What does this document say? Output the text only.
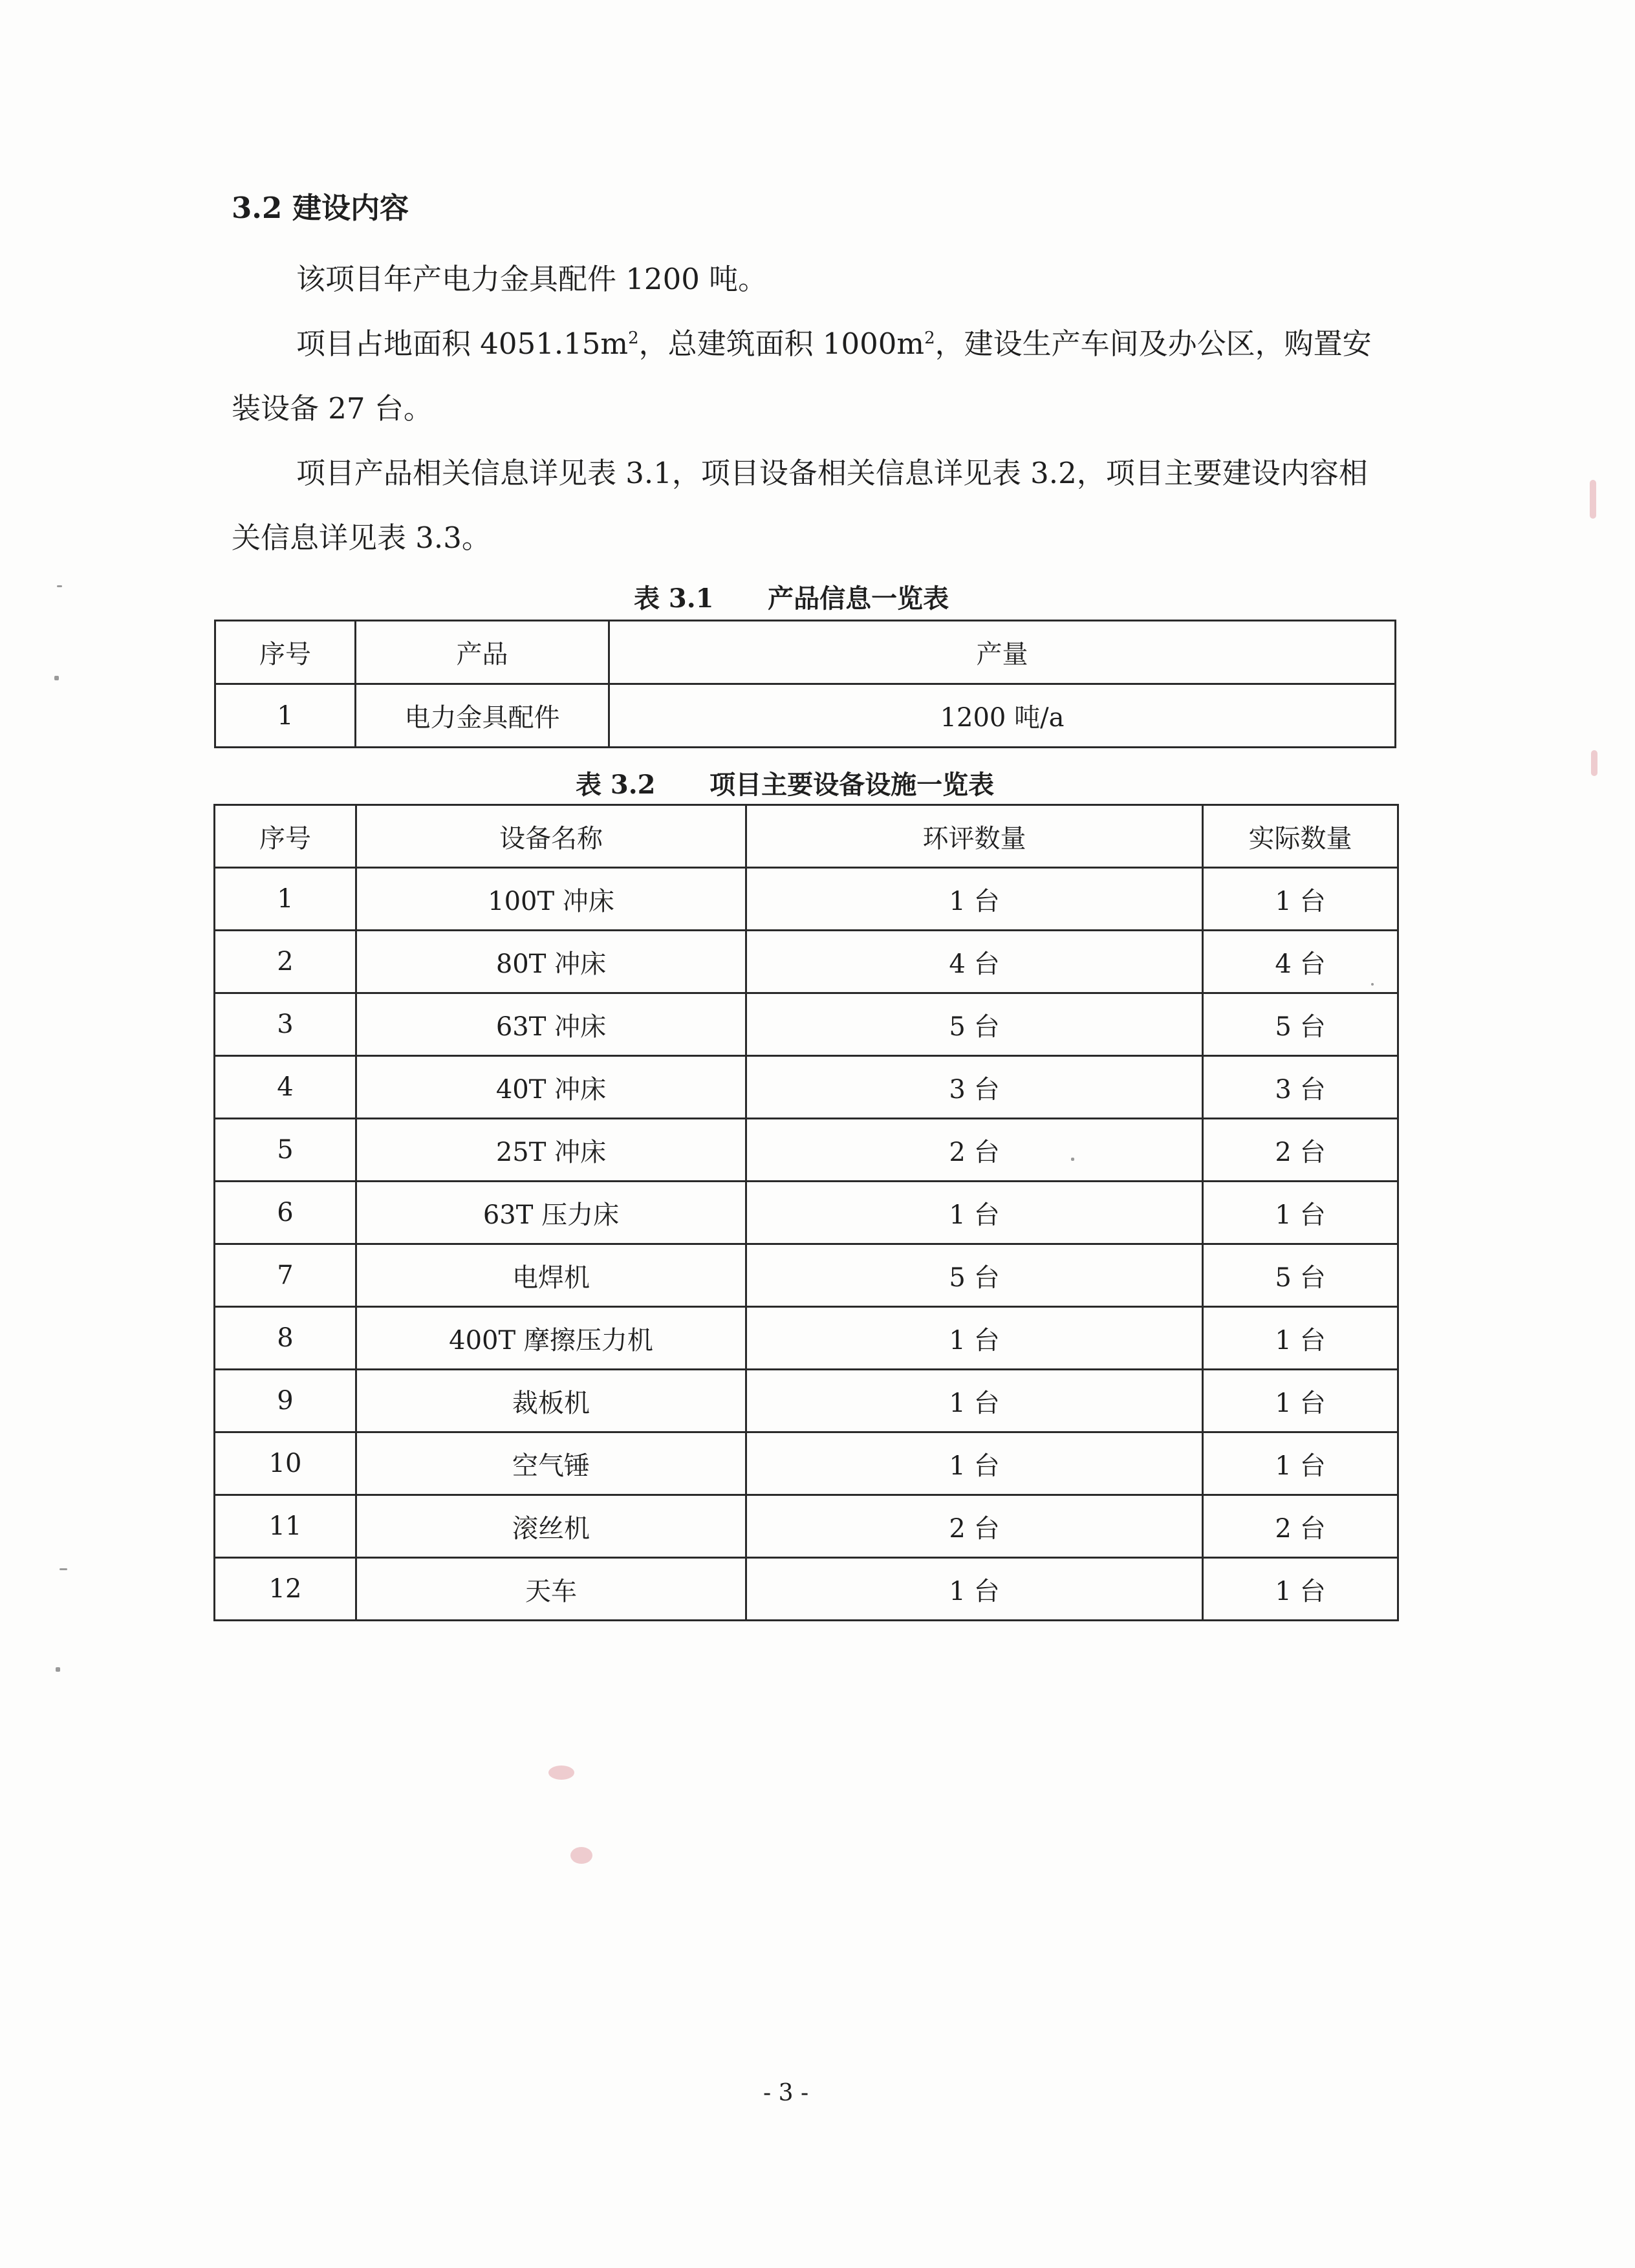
3.2 建设内容

该项目年产电力金具配件 1200 吨。

项目占地面积 $4051.15m^2$，总建筑面积 $1000m^2$，建设生产车间及办公区，购置安装设备 27 台。

项目产品相关信息详见表 3.1，项目设备相关信息详见表 3.2，项目主要建设内容相关信息详见表 3.3。

表 3.1      产品信息一览表
序号	产品	产量
1	电力金具配件	1200 吨/a
表 3.2      项目主要设备设施一览表
序号	设备名称	环评数量	实际数量
1	100T 冲床	1 台	1 台
2	80T 冲床	4 台	4 台
3	63T 冲床	5 台	5 台
4	40T 冲床	3 台	3 台
5	25T 冲床	2 台	2 台
6	63T 压力床	1 台	1 台
7	电焊机	5 台	5 台
8	400T 摩擦压力机	1 台	1 台
9	裁板机	1 台	1 台
10	空气锤	1 台	1 台
11	滚丝机	2 台	2 台
12	天车	1 台	1 台
- 3 -
